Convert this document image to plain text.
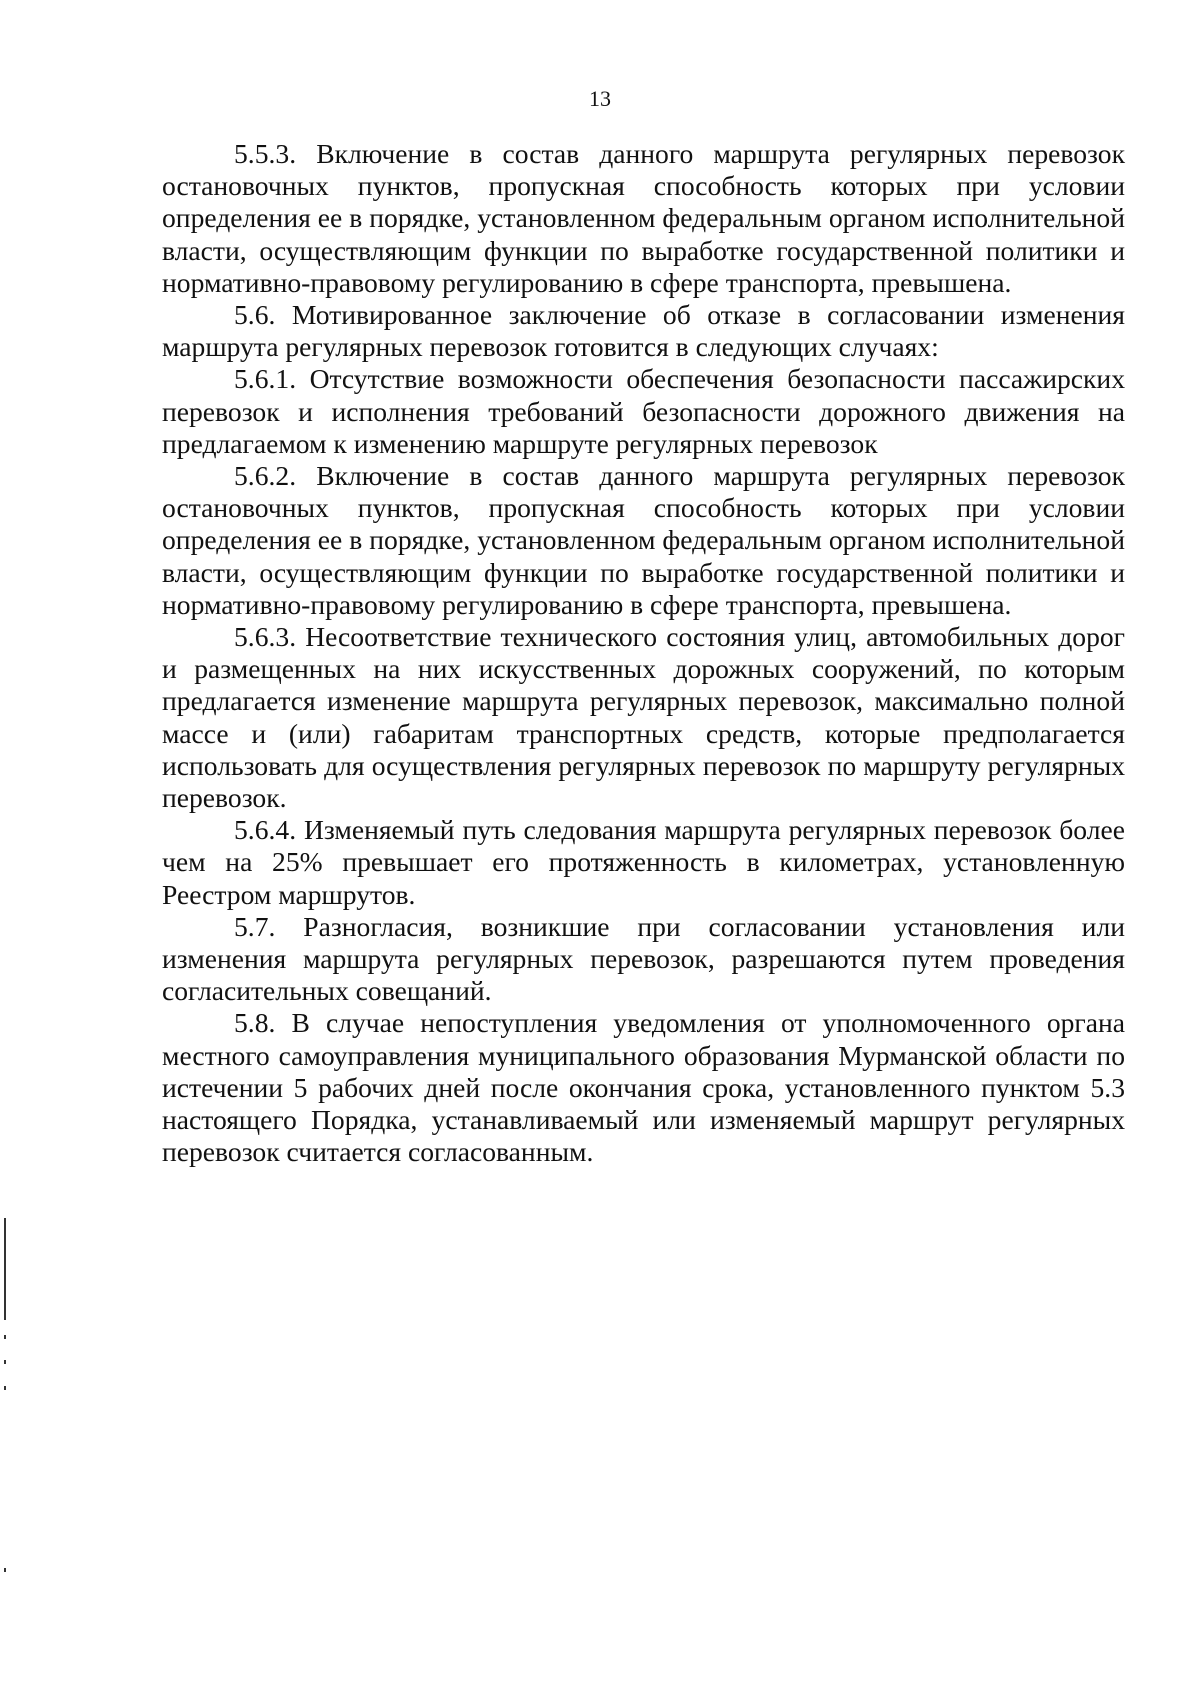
13

5.5.3. Включение в состав данного маршрута регулярных перевозок остановочных пунктов, пропускная способность которых при условии определения ее в порядке, установленном федеральным органом исполнительной власти, осуществляющим функции по выработке государственной политики и нормативно-правовому регулированию в сфере транспорта, превышена.

5.6. Мотивированное заключение об отказе в согласовании изменения маршрута регулярных перевозок готовится в следующих случаях:

5.6.1. Отсутствие возможности обеспечения безопасности пассажирских перевозок и исполнения требований безопасности дорожного движения на предлагаемом к изменению маршруте регулярных перевозок

5.6.2. Включение в состав данного маршрута регулярных перевозок остановочных пунктов, пропускная способность которых при условии определения ее в порядке, установленном федеральным органом исполнительной власти, осуществляющим функции по выработке государственной политики и нормативно-правовому регулированию в сфере транспорта, превышена.

5.6.3. Несоответствие технического состояния улиц, автомобильных дорог и размещенных на них искусственных дорожных сооружений, по которым предлагается изменение маршрута регулярных перевозок, максимально полной массе и (или) габаритам транспортных средств, которые предполагается использовать для осуществления регулярных перевозок по маршруту регулярных перевозок.

5.6.4. Изменяемый путь следования маршрута регулярных перевозок более чем на 25% превышает его протяженность в километрах, установленную Реестром маршрутов.

5.7. Разногласия, возникшие при согласовании установления или изменения маршрута регулярных перевозок, разрешаются путем проведения согласительных совещаний.

5.8. В случае непоступления уведомления от уполномоченного органа местного самоуправления муниципального образования Мурманской области по истечении 5 рабочих дней после окончания срока, установленного пунктом 5.3 настоящего Порядка, устанавливаемый или изменяемый маршрут регулярных перевозок считается согласованным.
